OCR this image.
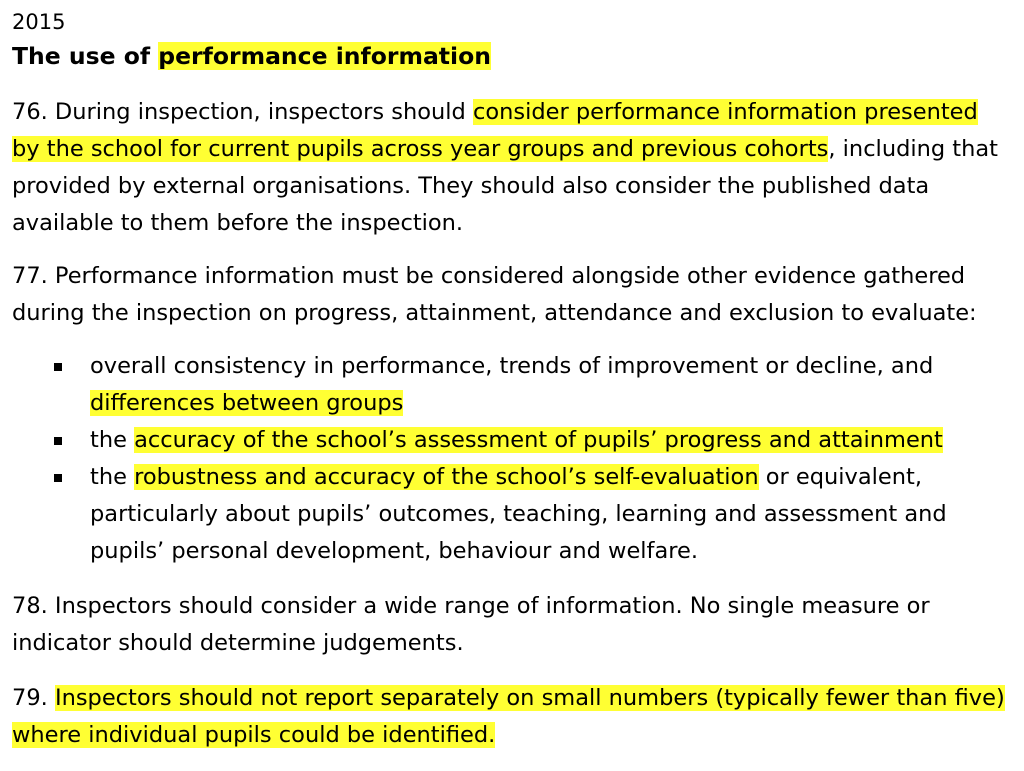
2015
The use of performance information

76. During inspection, inspectors should consider performance information presented by the school for current pupils across year groups and previous cohorts, including that provided by external organisations. They should also consider the published data available to them before the inspection.

77. Performance information must be considered alongside other evidence gathered during the inspection on progress, attainment, attendance and exclusion to evaluate:

overall consistency in performance, trends of improvement or decline, and differences between groups
the accuracy of the school’s assessment of pupils’ progress and attainment
the robustness and accuracy of the school’s self-evaluation or equivalent, particularly about pupils’ outcomes, teaching, learning and assessment and pupils’ personal development, behaviour and welfare.

78. Inspectors should consider a wide range of information. No single measure or indicator should determine judgements.

79. Inspectors should not report separately on small numbers (typically fewer than five) where individual pupils could be identified.
